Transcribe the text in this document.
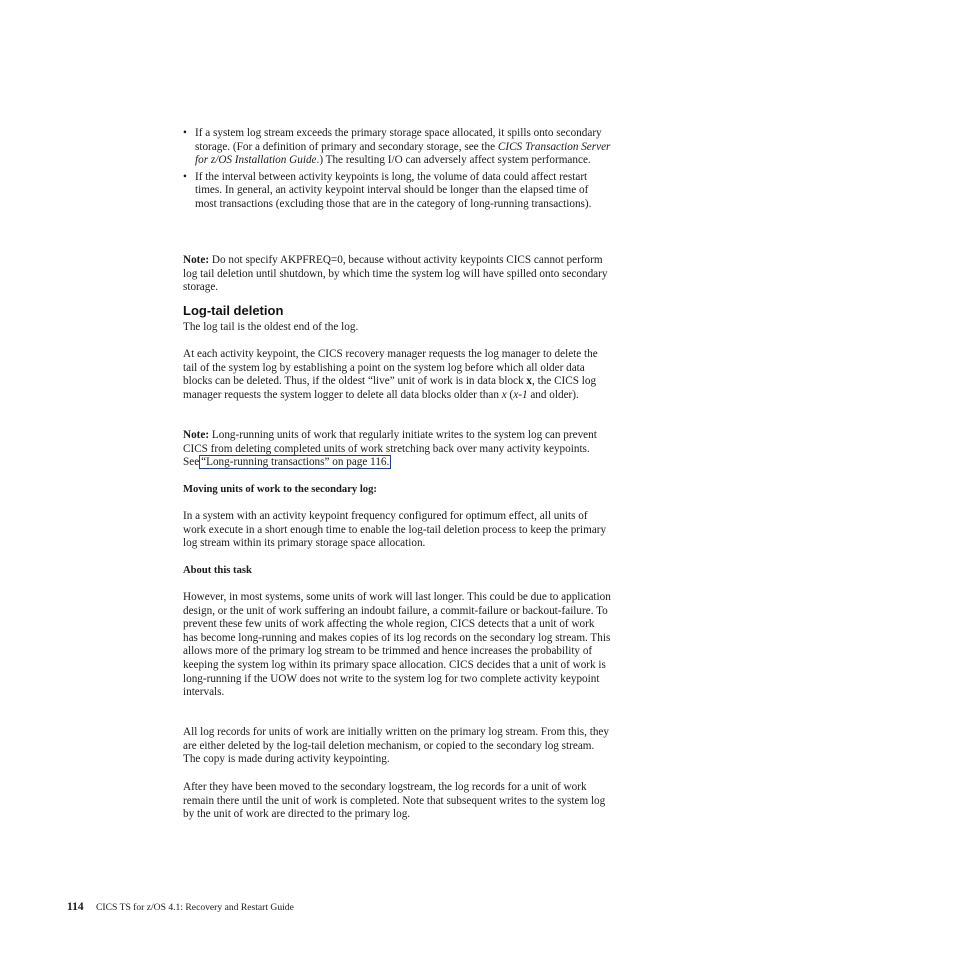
• If a system log stream exceeds the primary storage space allocated, it spills onto secondary storage. (For a definition of primary and secondary storage, see the CICS Transaction Server for z/OS Installation Guide.) The resulting I/O can adversely affect system performance.
• If the interval between activity keypoints is long, the volume of data could affect restart times. In general, an activity keypoint interval should be longer than the elapsed time of most transactions (excluding those that are in the category of long-running transactions).

Note: Do not specify AKPFREQ=0, because without activity keypoints CICS cannot perform log tail deletion until shutdown, by which time the system log will have spilled onto secondary storage.

Log-tail deletion

The log tail is the oldest end of the log.

At each activity keypoint, the CICS recovery manager requests the log manager to delete the tail of the system log by establishing a point on the system log before which all older data blocks can be deleted. Thus, if the oldest “live” unit of work is in data block x, the CICS log manager requests the system logger to delete all data blocks older than x (x-1 and older).

Note: Long-running units of work that regularly initiate writes to the system log can prevent CICS from deleting completed units of work stretching back over many activity keypoints. See “Long-running transactions” on page 116.

Moving units of work to the secondary log:

In a system with an activity keypoint frequency configured for optimum effect, all units of work execute in a short enough time to enable the log-tail deletion process to keep the primary log stream within its primary storage space allocation.

About this task

However, in most systems, some units of work will last longer. This could be due to application design, or the unit of work suffering an indoubt failure, a commit-failure or backout-failure. To prevent these few units of work affecting the whole region, CICS detects that a unit of work has become long-running and makes copies of its log records on the secondary log stream. This allows more of the primary log stream to be trimmed and hence increases the probability of keeping the system log within its primary space allocation. CICS decides that a unit of work is long-running if the UOW does not write to the system log for two complete activity keypoint intervals.

All log records for units of work are initially written on the primary log stream. From this, they are either deleted by the log-tail deletion mechanism, or copied to the secondary log stream. The copy is made during activity keypointing.

After they have been moved to the secondary logstream, the log records for a unit of work remain there until the unit of work is completed. Note that subsequent writes to the system log by the unit of work are directed to the primary log.

114 CICS TS for z/OS 4.1: Recovery and Restart Guide
